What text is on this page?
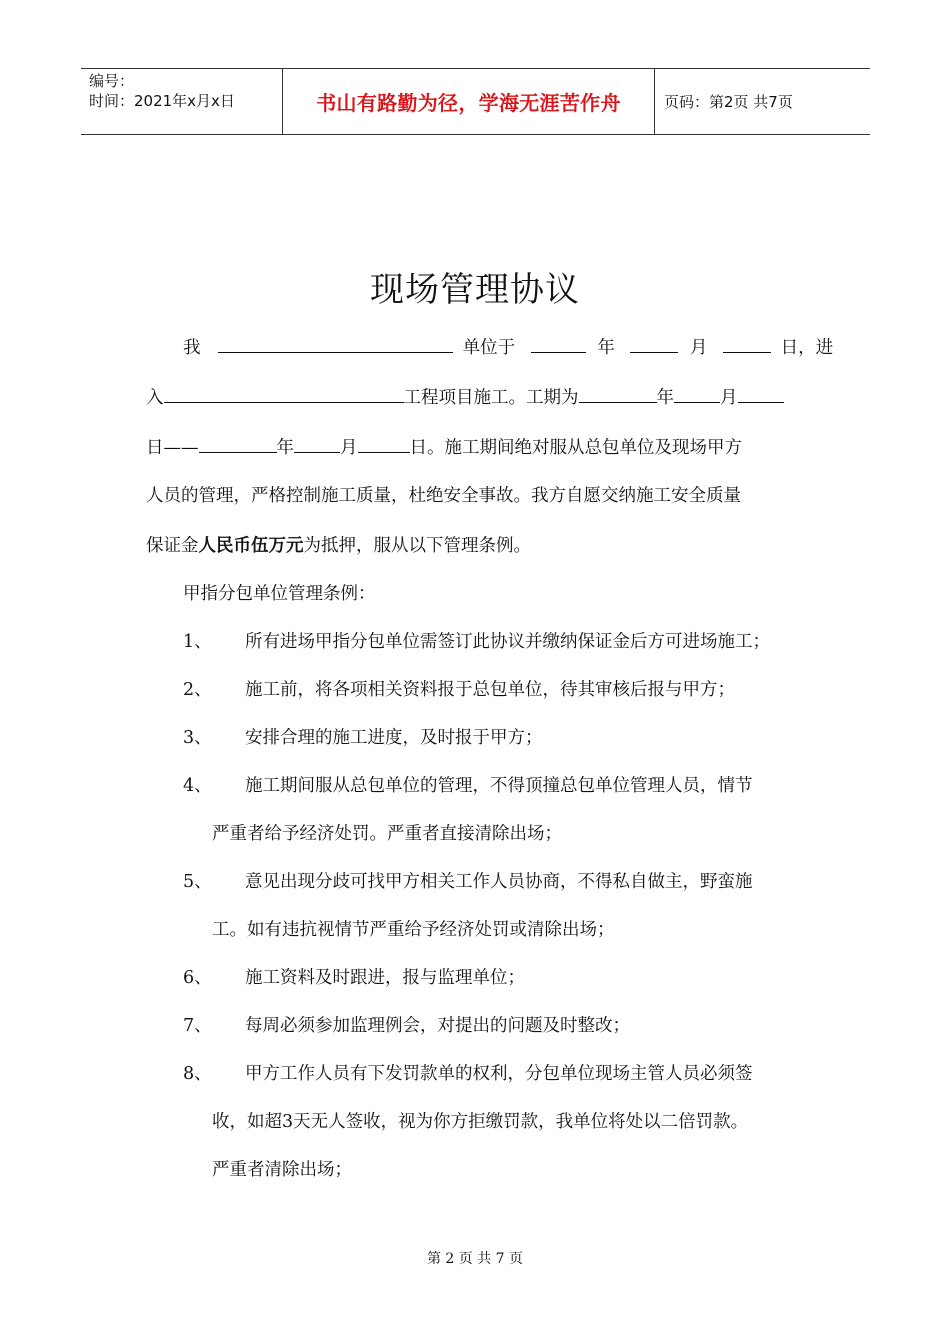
编号：
时间：2021年x月x日	书山有路勤为径，学海无涯苦作舟	页码：第2页 共7页
现场管理协议
我	单位于	年	月	日，进
入	工程项目施工。工期为	年	月
日——	年	月	日。施工期间绝对服从总包单位及现场甲方
人员的管理，严格控制施工质量，杜绝安全事故。我方自愿交纳施工安全质量
保证金人民币伍万元为抵押，服从以下管理条例。
甲指分包单位管理条例：
1、 所有进场甲指分包单位需签订此协议并缴纳保证金后方可进场施工；
2、 施工前，将各项相关资料报于总包单位，待其审核后报与甲方；
3、 安排合理的施工进度，及时报于甲方；
4、 施工期间服从总包单位的管理，不得顶撞总包单位管理人员，情节
严重者给予经济处罚。严重者直接清除出场；
5、 意见出现分歧可找甲方相关工作人员协商，不得私自做主，野蛮施
工。如有违抗视情节严重给予经济处罚或清除出场；
6、 施工资料及时跟进，报与监理单位；
7、 每周必须参加监理例会，对提出的问题及时整改；
8、 甲方工作人员有下发罚款单的权利，分包单位现场主管人员必须签
收，如超3天无人签收，视为你方拒缴罚款，我单位将处以二倍罚款。
严重者清除出场；
第 2 页 共 7 页
